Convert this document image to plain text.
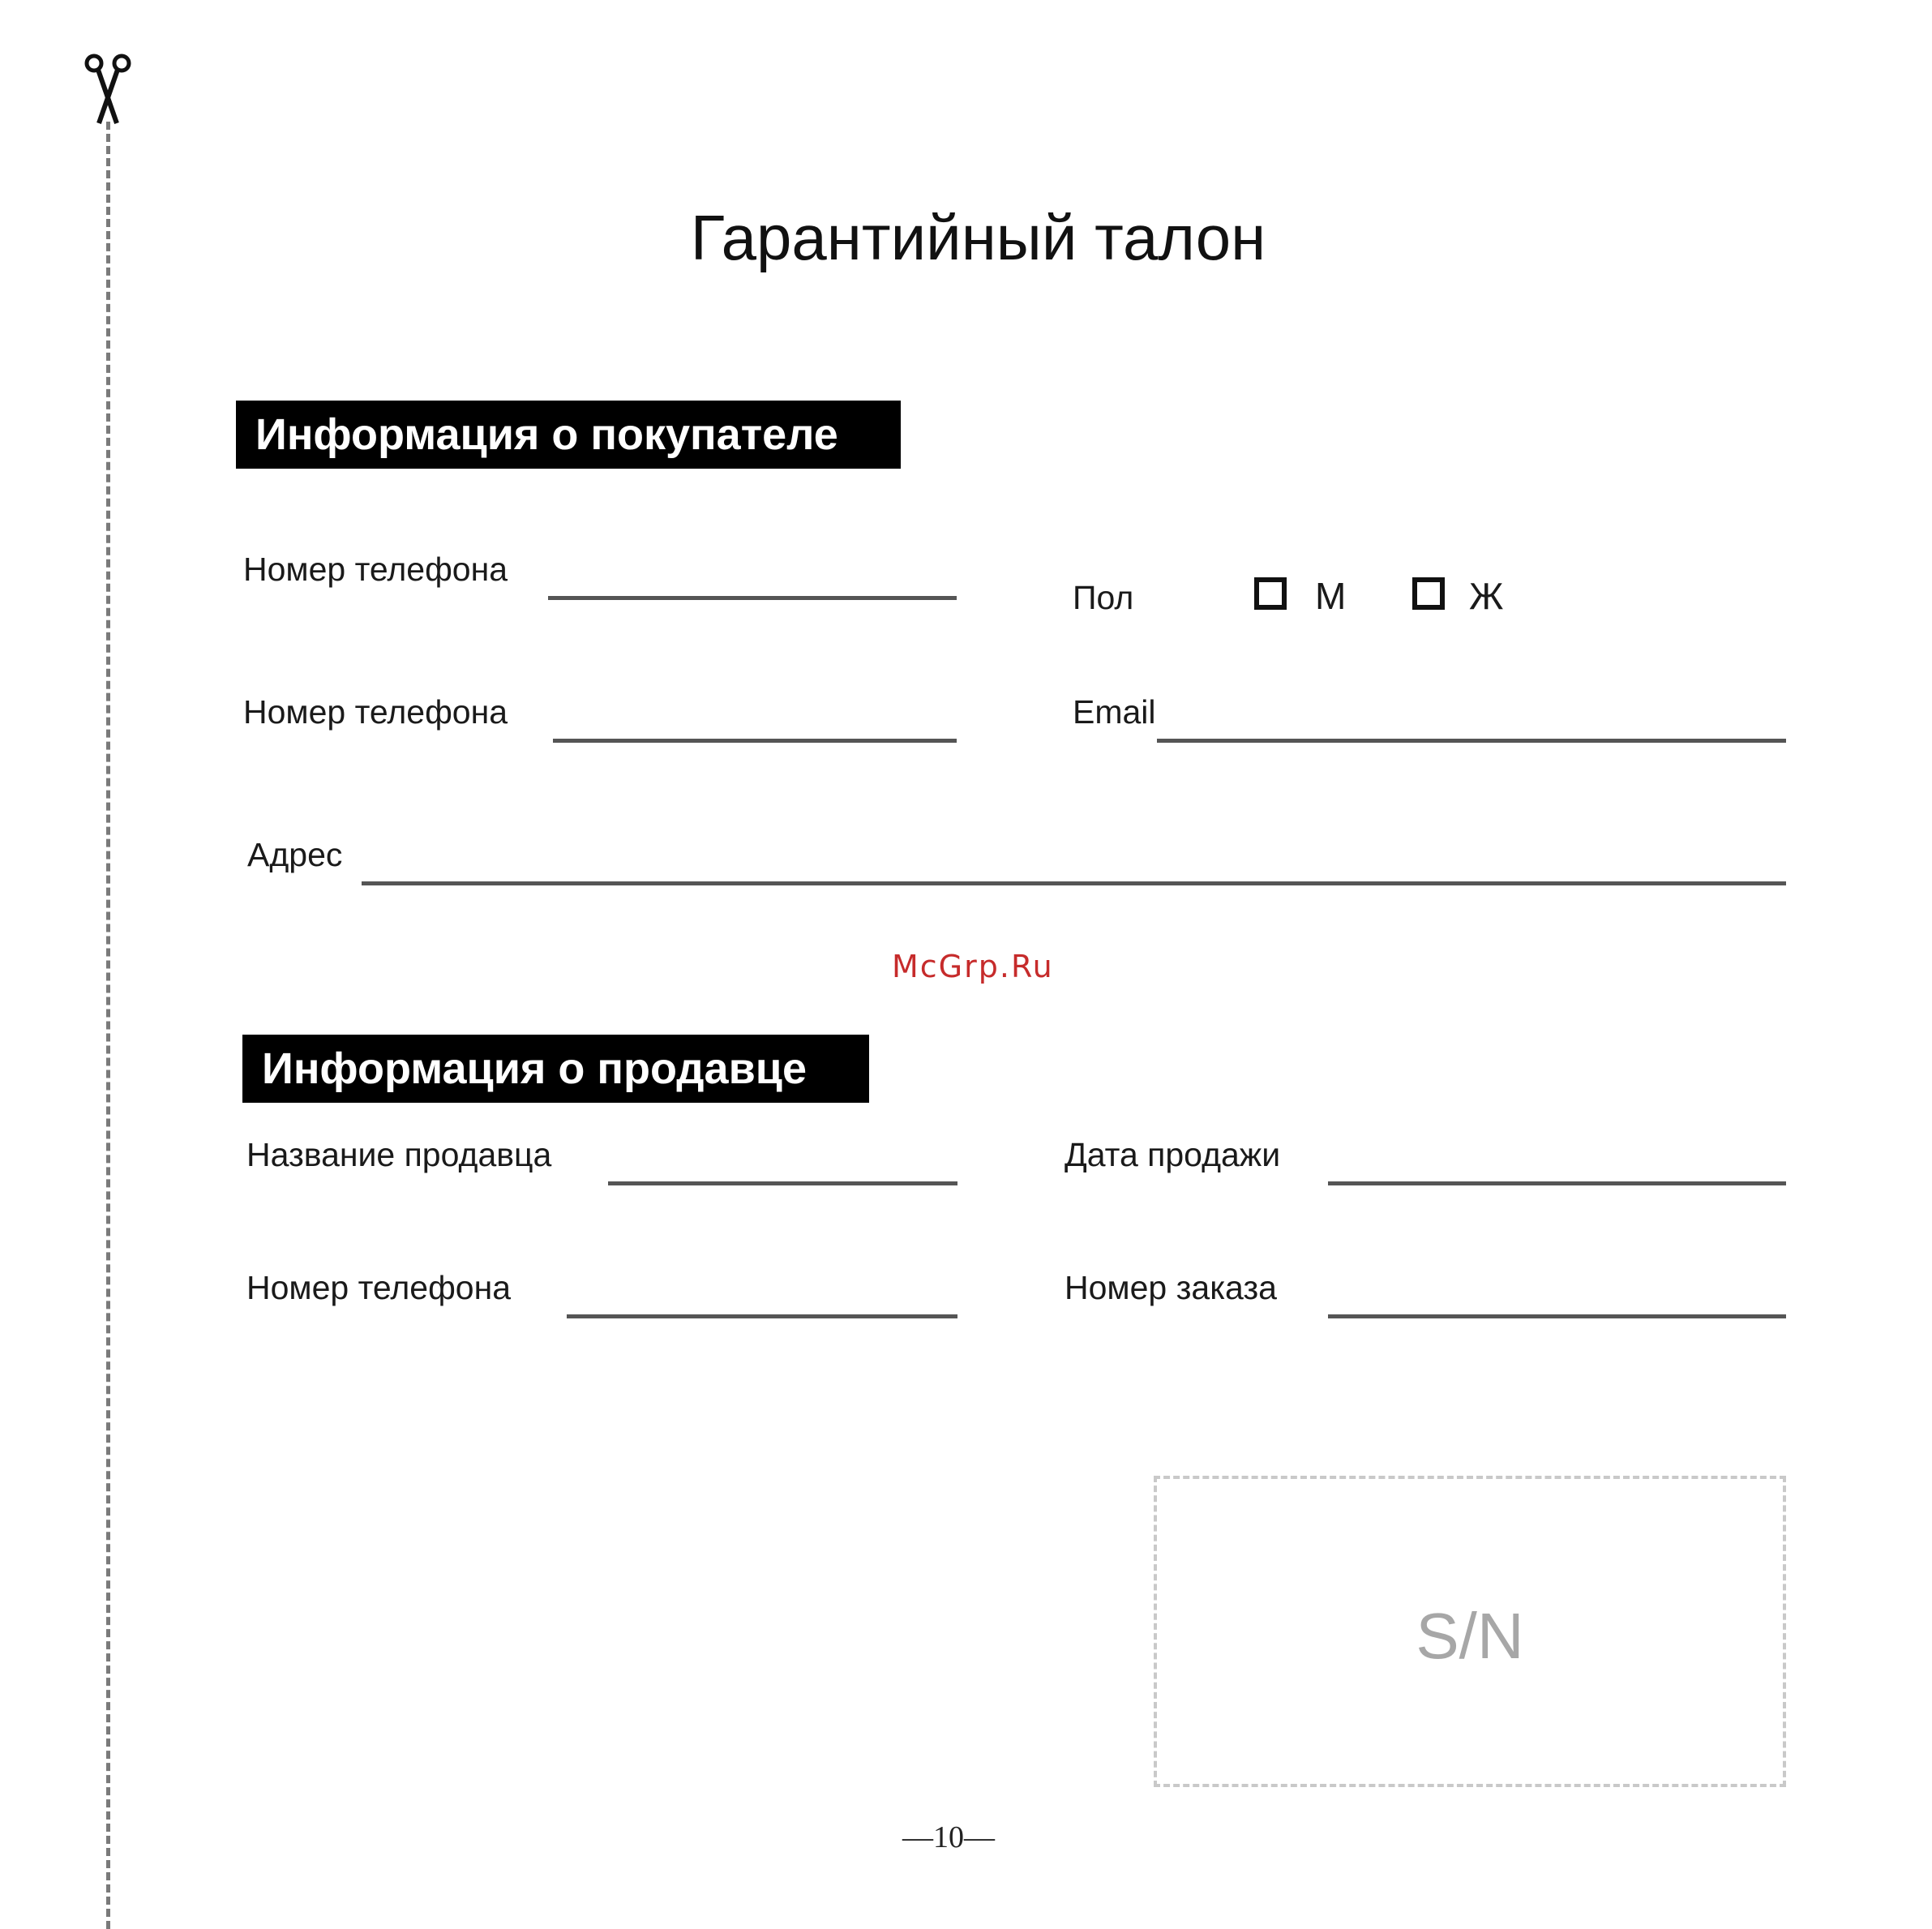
Гарантийный талон
Информация о покупателе
Номер телефона
Пол	М	Ж
Номер телефона	Email
Адрес
McGrp.Ru
Информация о продавце
Название продавца	Дата продажи
Номер телефона	Номер заказа
S/N
—10—
